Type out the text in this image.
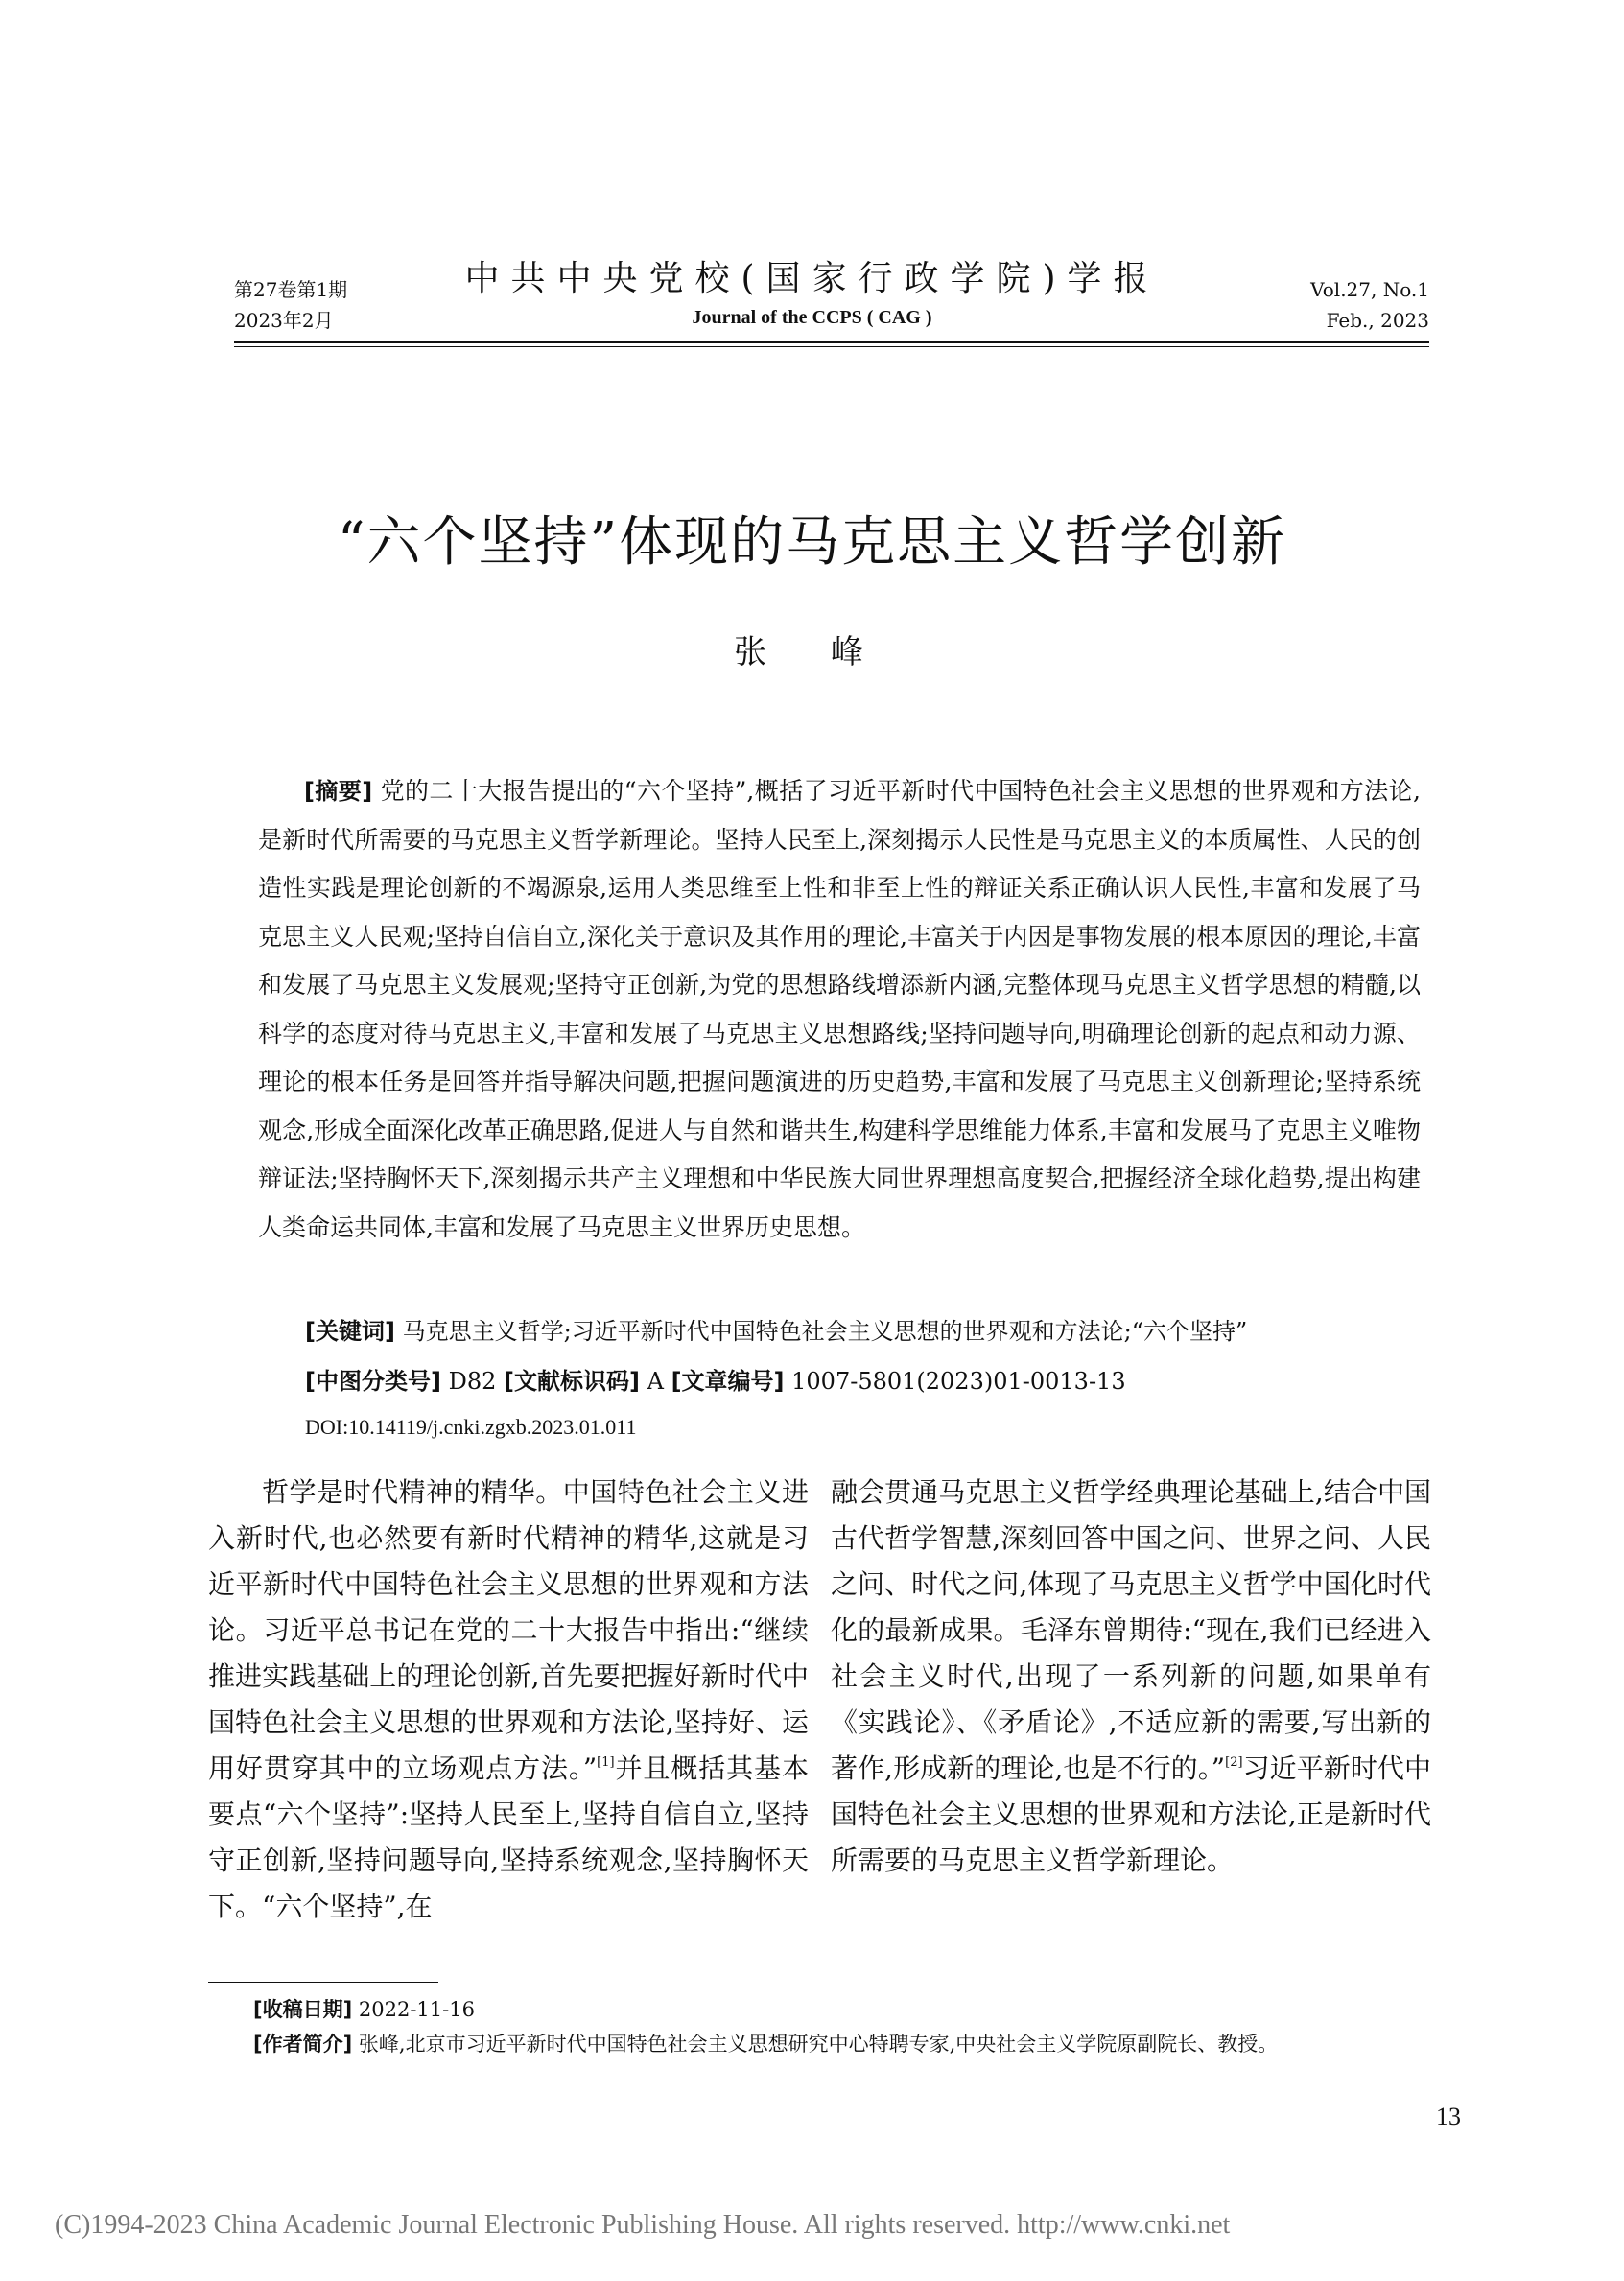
第27卷第1期
2023年2月
中共中央党校(国家行政学院)学报
Journal of the CCPS ( CAG )
Vol.27, No.1
Feb., 2023
“六个坚持”体现的马克思主义哲学创新
张 峰
[摘要] 党的二十大报告提出的“六个坚持”,概括了习近平新时代中国特色社会主义思想的世界观和方法论,是新时代所需要的马克思主义哲学新理论。坚持人民至上,深刻揭示人民性是马克思主义的本质属性、人民的创造性实践是理论创新的不竭源泉,运用人类思维至上性和非至上性的辩证关系正确认识人民性,丰富和发展了马克思主义人民观;坚持自信自立,深化关于意识及其作用的理论,丰富关于内因是事物发展的根本原因的理论,丰富和发展了马克思主义发展观;坚持守正创新,为党的思想路线增添新内涵,完整体现马克思主义哲学思想的精髓,以科学的态度对待马克思主义,丰富和发展了马克思主义思想路线;坚持问题导向,明确理论创新的起点和动力源、理论的根本任务是回答并指导解决问题,把握问题演进的历史趋势,丰富和发展了马克思主义创新理论;坚持系统观念,形成全面深化改革正确思路,促进人与自然和谐共生,构建科学思维能力体系,丰富和发展马了克思主义唯物辩证法;坚持胸怀天下,深刻揭示共产主义理想和中华民族大同世界理想高度契合,把握经济全球化趋势,提出构建人类命运共同体,丰富和发展了马克思主义世界历史思想。
[关键词] 马克思主义哲学;习近平新时代中国特色社会主义思想的世界观和方法论;“六个坚持”
[中图分类号] D82 [文献标识码] A [文章编号] 1007-5801(2023)01-0013-13
DOI:10.14119/j.cnki.zgxb.2023.01.011

哲学是时代精神的精华。中国特色社会主义进入新时代,也必然要有新时代精神的精华,这就是习近平新时代中国特色社会主义思想的世界观和方法论。习近平总书记在党的二十大报告中指出:“继续推进实践基础上的理论创新,首先要把握好新时代中国特色社会主义思想的世界观和方法论,坚持好、运用好贯穿其中的立场观点方法。”[1]并且概括其基本要点“六个坚持”:坚持人民至上,坚持自信自立,坚持守正创新,坚持问题导向,坚持系统观念,坚持胸怀天下。“六个坚持”,在

融会贯通马克思主义哲学经典理论基础上,结合中国古代哲学智慧,深刻回答中国之问、世界之问、人民之问、时代之问,体现了马克思主义哲学中国化时代化的最新成果。毛泽东曾期待:“现在,我们已经进入社会主义时代,出现了一系列新的问题,如果单有《实践论》、《矛盾论》,不适应新的需要,写出新的著作,形成新的理论,也是不行的。”[2]习近平新时代中国特色社会主义思想的世界观和方法论,正是新时代所需要的马克思主义哲学新理论。

[收稿日期] 2022-11-16
[作者简介] 张峰,北京市习近平新时代中国特色社会主义思想研究中心特聘专家,中央社会主义学院原副院长、教授。
13
(C)1994-2023 China Academic Journal Electronic Publishing House. All rights reserved. http://www.cnki.net
